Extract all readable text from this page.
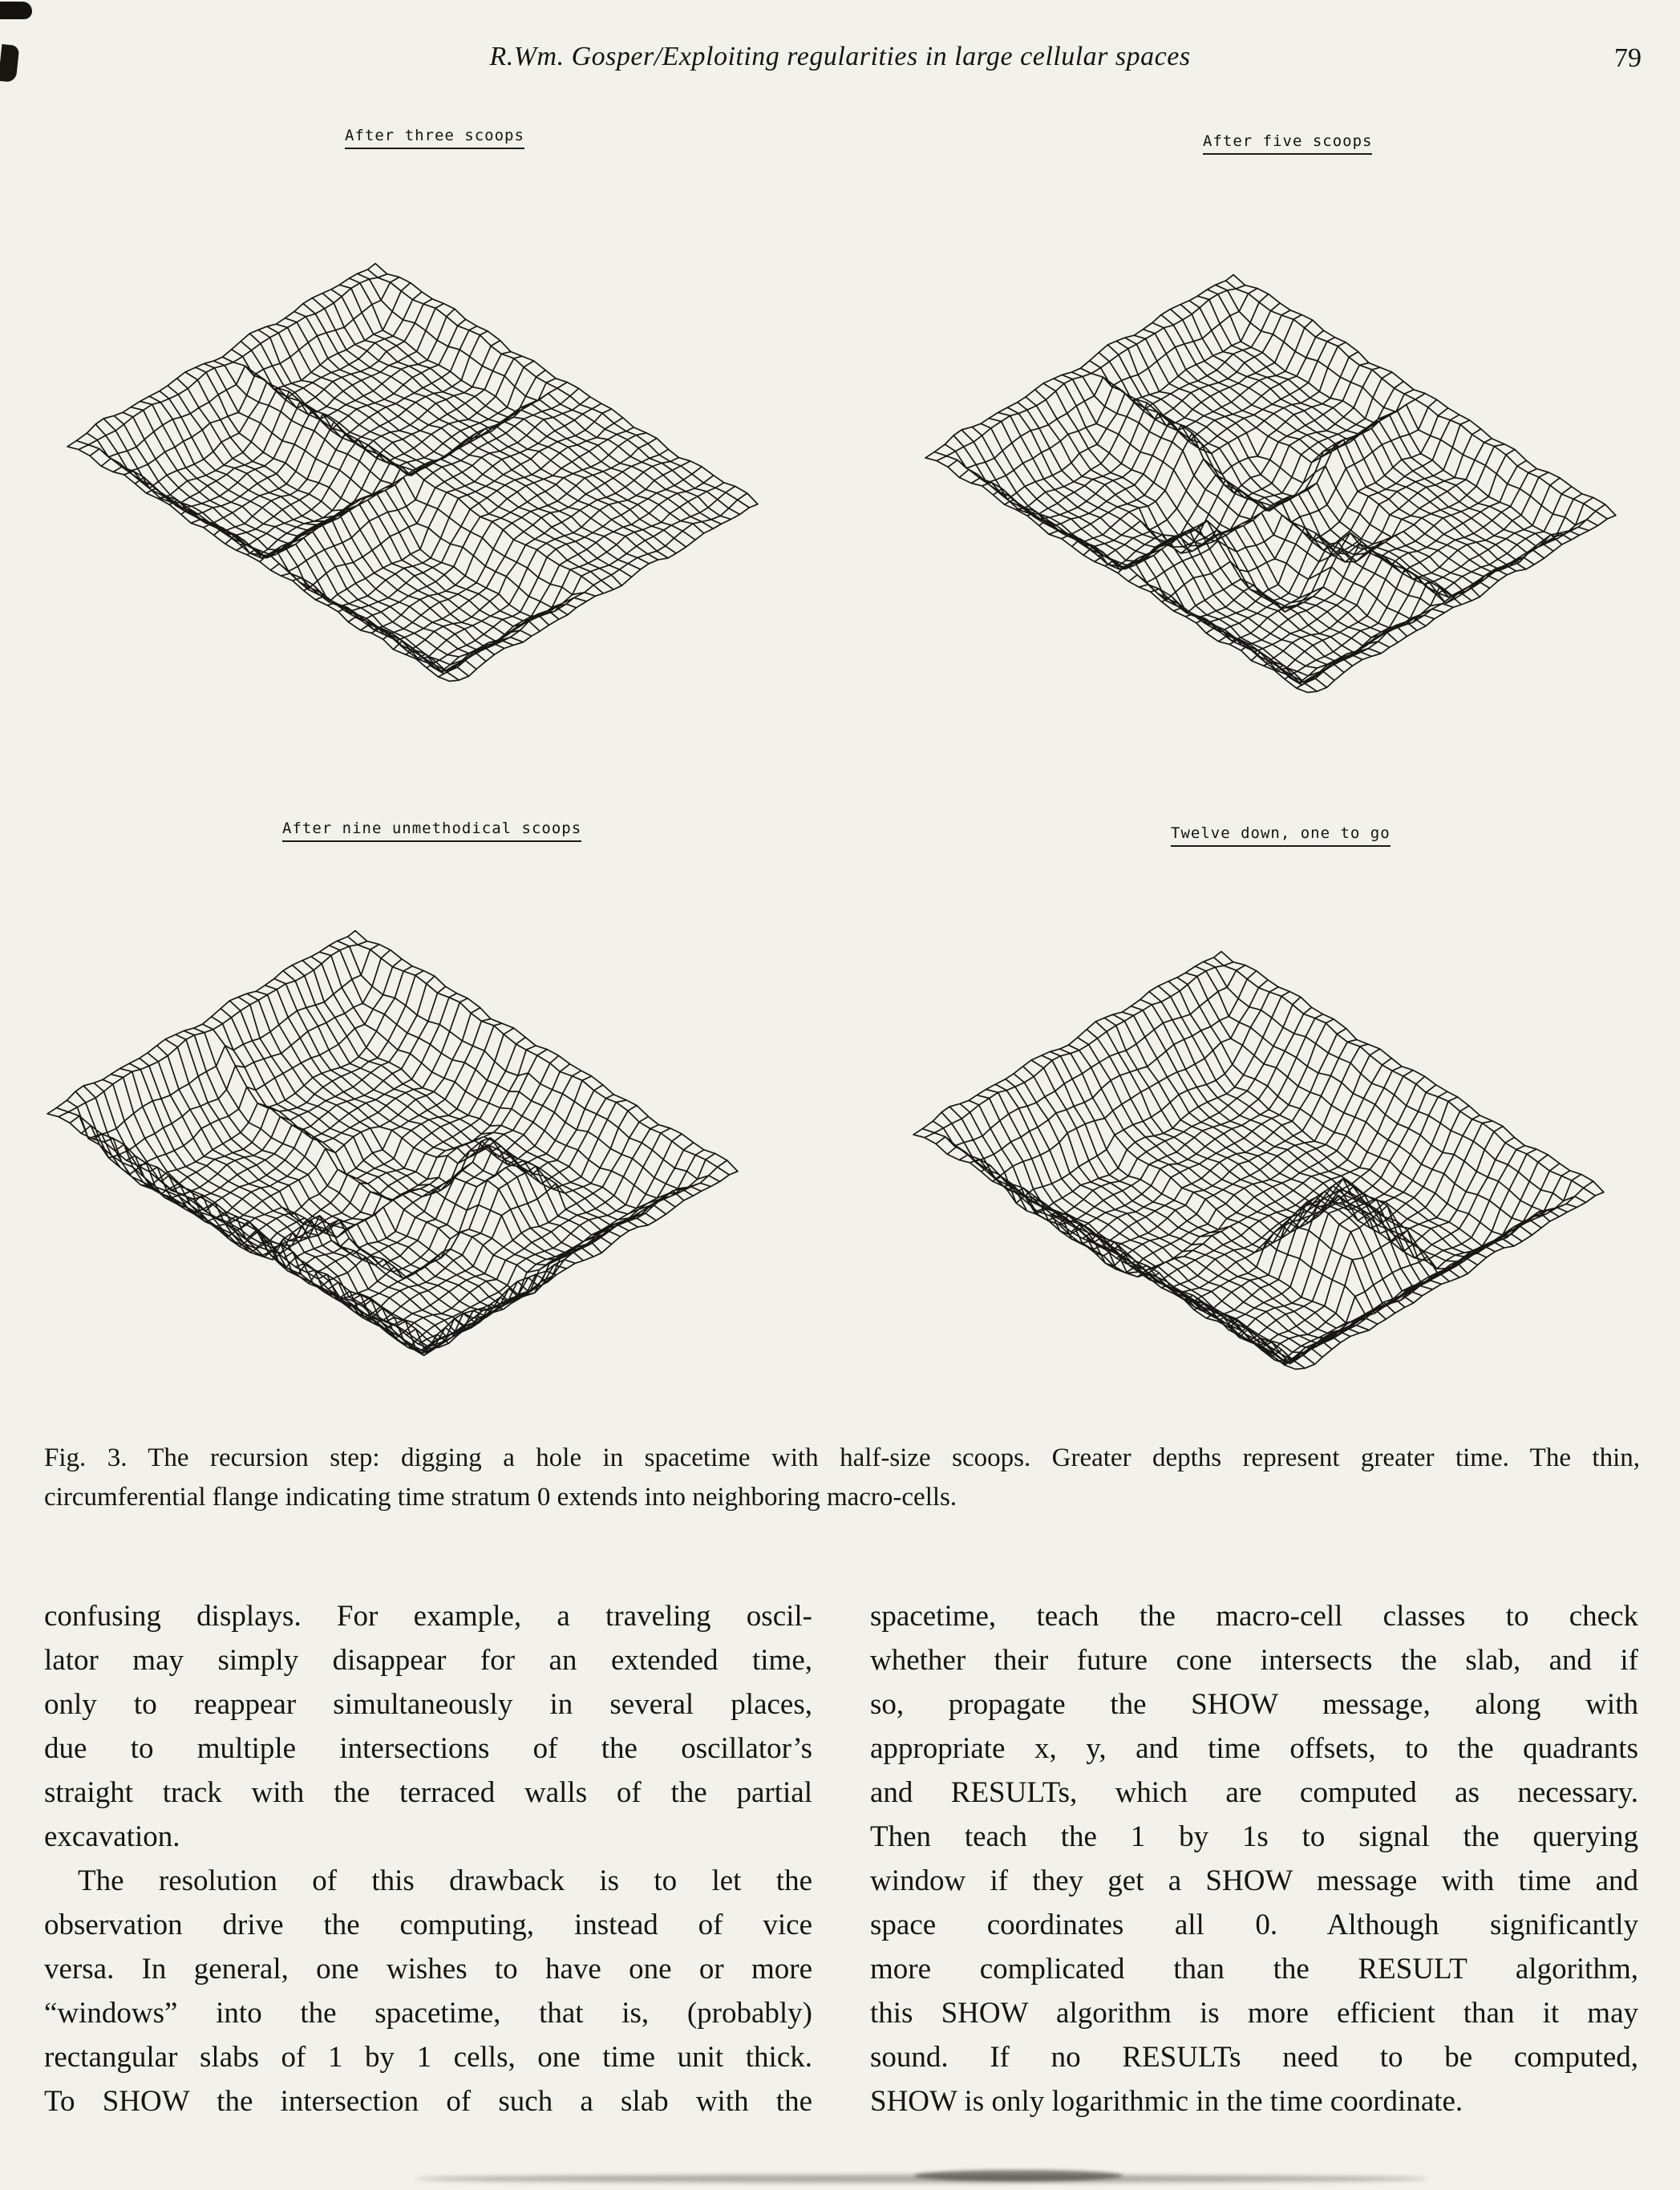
R.Wm. Gosper/Exploiting regularities in large cellular spaces	79
After three scoops	After five scoops
After nine unmethodical scoops	Twelve down, one to go
Fig. 3. The recursion step: digging a hole in spacetime with half-size scoops. Greater depths represent greater time. The thin,
circumferential flange indicating time stratum 0 extends into neighboring macro-cells.
confusing displays. For example, a traveling oscil-
lator may simply disappear for an extended time,
only to reappear simultaneously in several places,
due to multiple intersections of the oscillator’s
straight track with the terraced walls of the partial
excavation.
The resolution of this drawback is to let the
observation drive the computing, instead of vice
versa. In general, one wishes to have one or more
“windows” into the spacetime, that is, (probably)
rectangular slabs of 1 by 1 cells, one time unit thick.
To SHOW the intersection of such a slab with the
spacetime, teach the macro-cell classes to check
whether their future cone intersects the slab, and if
so, propagate the SHOW message, along with
appropriate x, y, and time offsets, to the quadrants
and RESULTs, which are computed as necessary.
Then teach the 1 by 1s to signal the querying
window if they get a SHOW message with time and
space coordinates all 0. Although significantly
more complicated than the RESULT algorithm,
this SHOW algorithm is more efficient than it may
sound. If no RESULTs need to be computed,
SHOW is only logarithmic in the time coordinate.
